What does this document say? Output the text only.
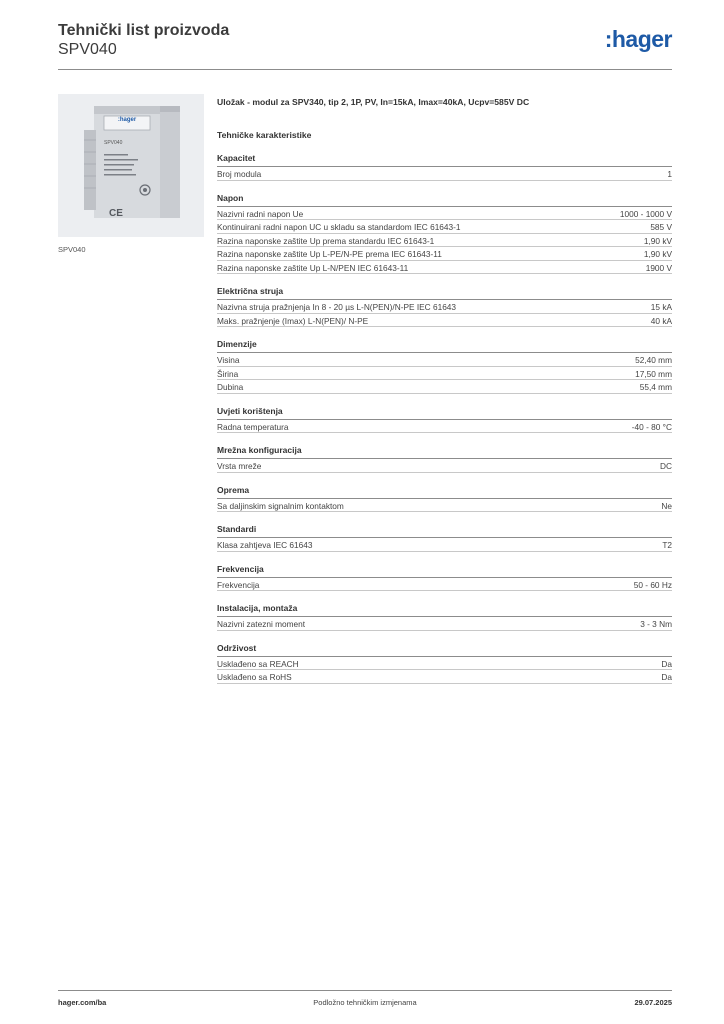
Tehnički list proizvoda
SPV040	:hager
CE
:hager
SPV040
SPV040
Uložak - modul za SPV340, tip 2, 1P, PV, In=15kA, Imax=40kA, Ucpv=585V DC
Tehničke karakteristike
Kapacitet
Broj modula	1
Napon
Nazivni radni napon Ue	1000 - 1000 V
Kontinuirani radni napon UC u skladu sa standardom IEC 61643-1	585 V
Razina naponske zaštite Up prema standardu IEC 61643-1	1,90 kV
Razina naponske zaštite Up L-PE/N-PE prema IEC 61643-11	1,90 kV
Razina naponske zaštite Up L-N/PEN IEC 61643-11	1900 V
Električna struja
Nazivna struja pražnjenja In 8 - 20 µs L-N(PEN)/N-PE IEC 61643	15 kA
Maks. pražnjenje (Imax) L-N(PEN)/ N-PE	40 kA
Dimenzije
Visina	52,40 mm
Širina	17,50 mm
Dubina	55,4 mm
Uvjeti korištenja
Radna temperatura	-40 - 80 °C
Mrežna konfiguracija
Vrsta mreže	DC
Oprema
Sa daljinskim signalnim kontaktom	Ne
Standardi
Klasa zahtjeva IEC 61643	T2
Frekvencija
Frekvencija	50 - 60 Hz
Instalacija, montaža
Nazivni zatezni moment	3 - 3 Nm
Održivost
Usklađeno sa REACH	Da
Usklađeno sa RoHS	Da
hager.com/ba	Podložno tehničkim izmjenama	29.07.2025
